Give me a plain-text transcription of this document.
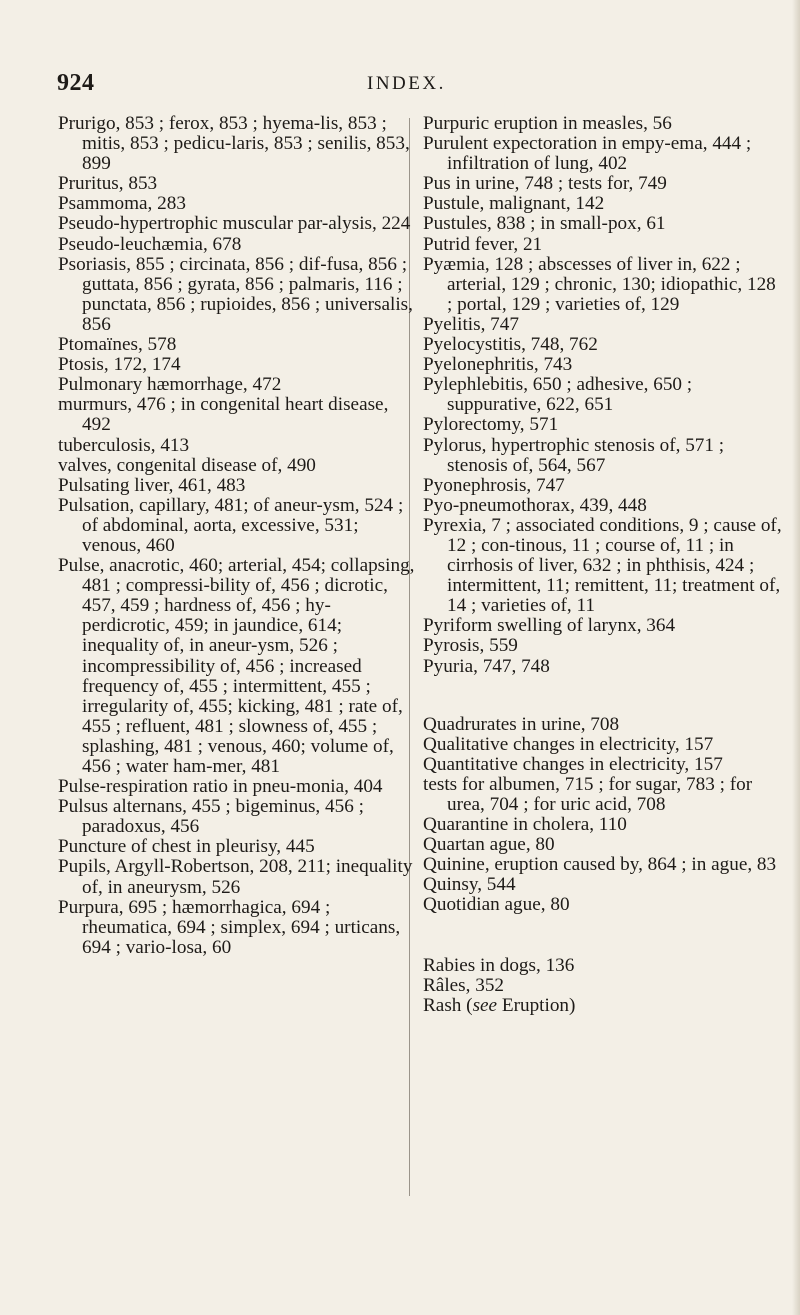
924	INDEX.

Prurigo, 853 ; ferox, 853 ; hyema-lis, 853 ; mitis, 853 ; pedicu-laris, 853 ; senilis, 853, 899

Pruritus, 853

Psammoma, 283

Pseudo-hypertrophic muscular par-alysis, 224

Pseudo-leuchæmia, 678

Psoriasis, 855 ; circinata, 856 ; dif-fusa, 856 ; guttata, 856 ; gyrata, 856 ; palmaris, 116 ; punctata, 856 ; rupioides, 856 ; universalis, 856

Ptomaïnes, 578

Ptosis, 172, 174

Pulmonary hæmorrhage, 472

murmurs, 476 ; in congenital heart disease, 492

tuberculosis, 413

valves, congenital disease of, 490

Pulsating liver, 461, 483

Pulsation, capillary, 481; of aneur-ysm, 524 ; of abdominal, aorta, excessive, 531; venous, 460

Pulse, anacrotic, 460; arterial, 454; collapsing, 481 ; compressi-bility of, 456 ; dicrotic, 457, 459 ; hardness of, 456 ; hy-perdicrotic, 459; in jaundice, 614; inequality of, in aneur-ysm, 526 ; incompressibility of, 456 ; increased frequency of, 455 ; intermittent, 455 ; irregularity of, 455; kicking, 481 ; rate of, 455 ; refluent, 481 ; slowness of, 455 ; splashing, 481 ; venous, 460; volume of, 456 ; water ham-mer, 481

Pulse-respiration ratio in pneu-monia, 404

Pulsus alternans, 455 ; bigeminus, 456 ; paradoxus, 456

Puncture of chest in pleurisy, 445

Pupils, Argyll-Robertson, 208, 211; inequality of, in aneurysm, 526

Purpura, 695 ; hæmorrhagica, 694 ; rheumatica, 694 ; simplex, 694 ; urticans, 694 ; vario-losa, 60

Purpuric eruption in measles, 56

Purulent expectoration in empy-ema, 444 ; infiltration of lung, 402

Pus in urine, 748 ; tests for, 749

Pustule, malignant, 142

Pustules, 838 ; in small-pox, 61

Putrid fever, 21

Pyæmia, 128 ; abscesses of liver in, 622 ; arterial, 129 ; chronic, 130; idiopathic, 128 ; portal, 129 ; varieties of, 129

Pyelitis, 747

Pyelocystitis, 748, 762

Pyelonephritis, 743

Pylephlebitis, 650 ; adhesive, 650 ; suppurative, 622, 651

Pylorectomy, 571

Pylorus, hypertrophic stenosis of, 571 ; stenosis of, 564, 567

Pyonephrosis, 747

Pyo-pneumothorax, 439, 448

Pyrexia, 7 ; associated conditions, 9 ; cause of, 12 ; con-tinous, 11 ; course of, 11 ; in cirrhosis of liver, 632 ; in phthisis, 424 ; intermittent, 11; remittent, 11; treatment of, 14 ; varieties of, 11

Pyriform swelling of larynx, 364

Pyrosis, 559

Pyuria, 747, 748

Quadrurates in urine, 708

Qualitative changes in electricity, 157

Quantitative changes in electricity, 157

tests for albumen, 715 ; for sugar, 783 ; for urea, 704 ; for uric acid, 708

Quarantine in cholera, 110

Quartan ague, 80

Quinine, eruption caused by, 864 ; in ague, 83

Quinsy, 544

Quotidian ague, 80

Rabies in dogs, 136

Râles, 352

Rash (see Eruption)
